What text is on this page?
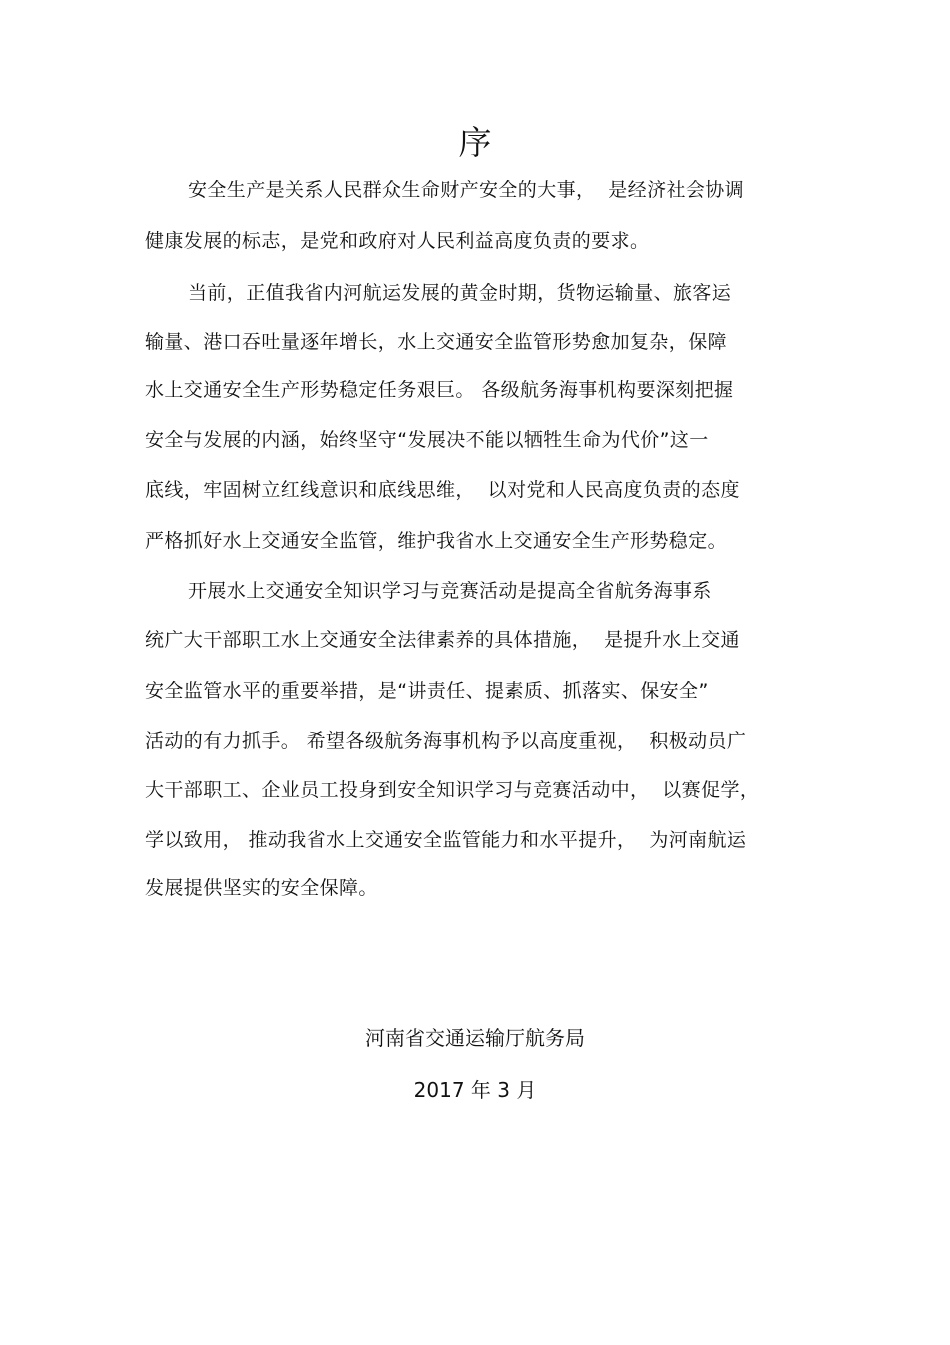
序
安全生产是关系人民群众生命财产安全的大事，  是经济社会协调
健康发展的标志，是党和政府对人民利益高度负责的要求。
当前，正值我省内河航运发展的黄金时期，货物运输量、旅客运
输量、港口吞吐量逐年增长，水上交通安全监管形势愈加复杂，保障
水上交通安全生产形势稳定任务艰巨。 各级航务海事机构要深刻把握
安全与发展的内涵，始终坚守“发展决不能以牺牲生命为代价”这一
底线，牢固树立红线意识和底线思维，  以对党和人民高度负责的态度
严格抓好水上交通安全监管，维护我省水上交通安全生产形势稳定。
开展水上交通安全知识学习与竞赛活动是提高全省航务海事系
统广大干部职工水上交通安全法律素养的具体措施，  是提升水上交通
安全监管水平的重要举措，是“讲责任、提素质、抓落实、保安全”
活动的有力抓手。 希望各级航务海事机构予以高度重视，  积极动员广
大干部职工、企业员工投身到安全知识学习与竞赛活动中，  以赛促学，
学以致用， 推动我省水上交通安全监管能力和水平提升，  为河南航运
发展提供坚实的安全保障。
河南省交通运输厅航务局
2017 年 3 月
